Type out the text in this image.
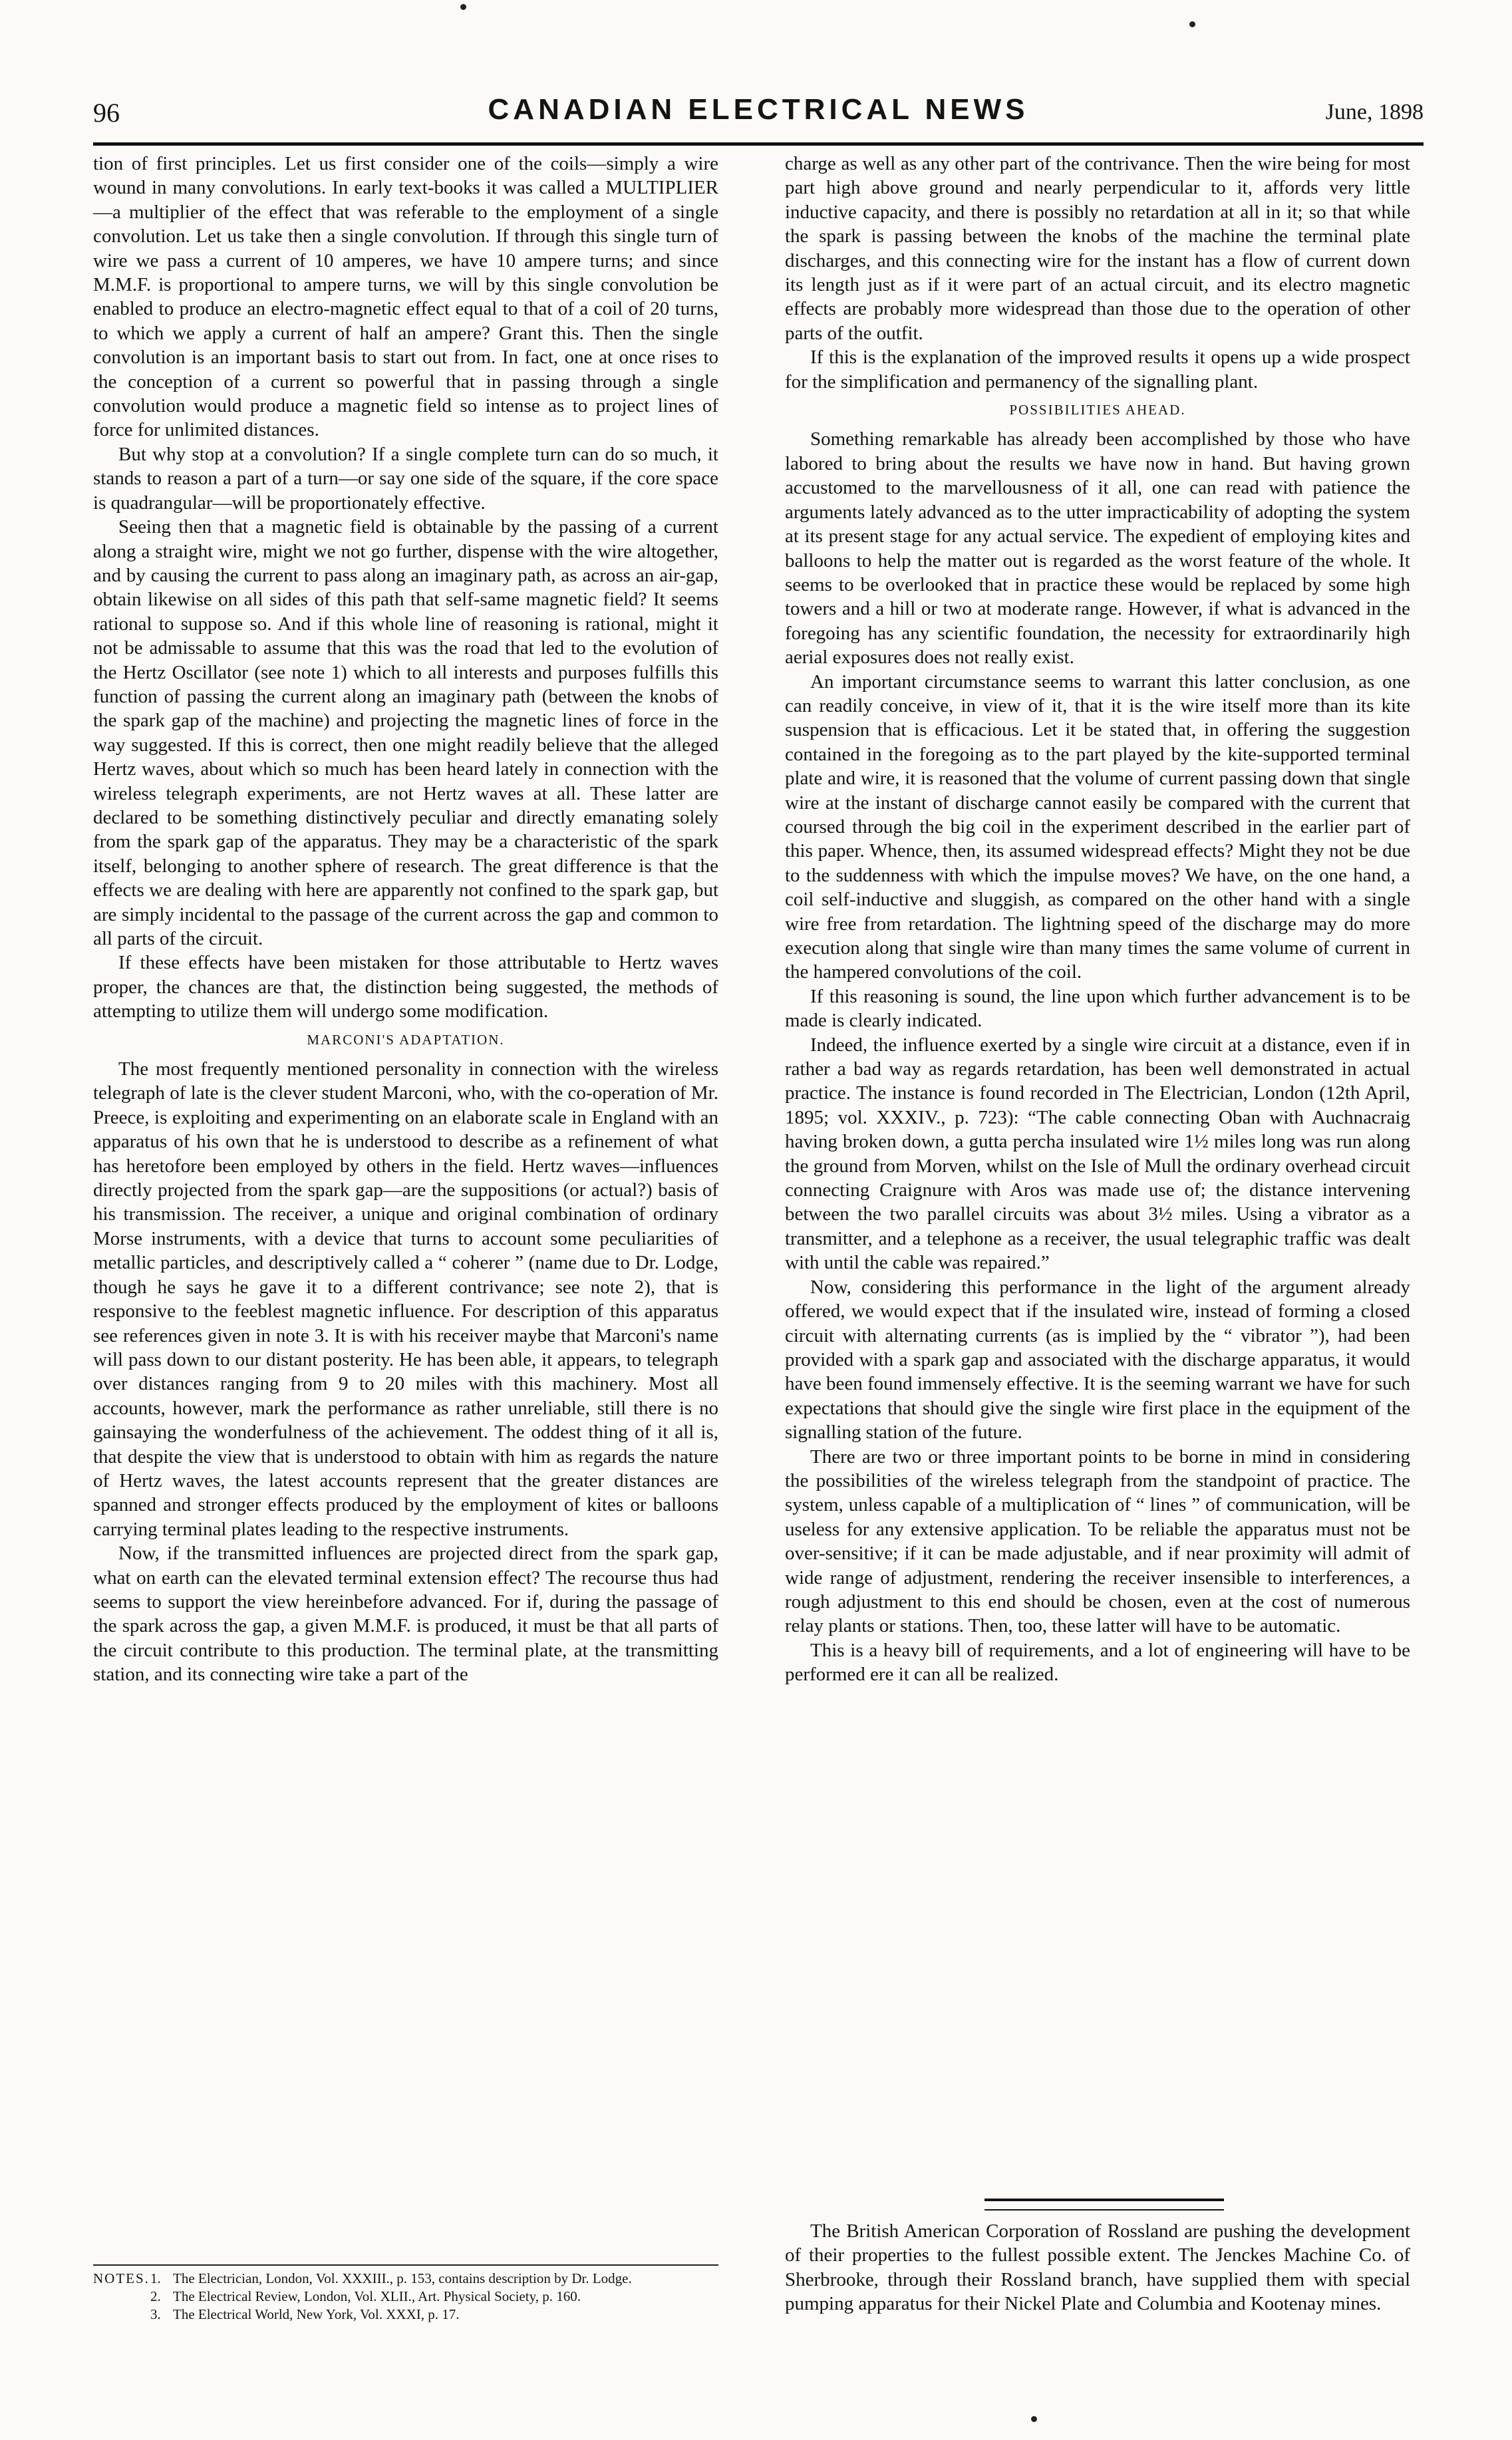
96	CANADIAN ELECTRICAL NEWS	June, 1898

tion of first principles. Let us first consider one of the coils—simply a wire wound in many convolutions. In early text-books it was called a MULTIPLIER—a multiplier of the effect that was referable to the employment of a single convolution. Let us take then a single convolution. If through this single turn of wire we pass a current of 10 amperes, we have 10 ampere turns; and since M.M.F. is proportional to ampere turns, we will by this single convolution be enabled to produce an electro-magnetic effect equal to that of a coil of 20 turns, to which we apply a current of half an ampere? Grant this. Then the single convolution is an important basis to start out from. In fact, one at once rises to the conception of a current so powerful that in passing through a single convolution would produce a magnetic field so intense as to project lines of force for unlimited distances.

But why stop at a convolution? If a single complete turn can do so much, it stands to reason a part of a turn—or say one side of the square, if the core space is quadrangular—will be proportionately effective.

Seeing then that a magnetic field is obtainable by the passing of a current along a straight wire, might we not go further, dispense with the wire altogether, and by causing the current to pass along an imaginary path, as across an air-gap, obtain likewise on all sides of this path that self-same magnetic field? It seems rational to suppose so. And if this whole line of reasoning is rational, might it not be admissable to assume that this was the road that led to the evolution of the Hertz Oscillator (see note 1) which to all interests and purposes fulfills this function of passing the current along an imaginary path (between the knobs of the spark gap of the machine) and projecting the magnetic lines of force in the way suggested. If this is correct, then one might readily believe that the alleged Hertz waves, about which so much has been heard lately in connection with the wireless telegraph experiments, are not Hertz waves at all. These latter are declared to be something distinctively peculiar and directly emanating solely from the spark gap of the apparatus. They may be a characteristic of the spark itself, belonging to another sphere of research. The great difference is that the effects we are dealing with here are apparently not confined to the spark gap, but are simply incidental to the passage of the current across the gap and common to all parts of the circuit.

If these effects have been mistaken for those attributable to Hertz waves proper, the chances are that, the distinction being suggested, the methods of attempting to utilize them will undergo some modification.

MARCONI'S ADAPTATION.

The most frequently mentioned personality in connection with the wireless telegraph of late is the clever student Marconi, who, with the co-operation of Mr. Preece, is exploiting and experimenting on an elaborate scale in England with an apparatus of his own that he is understood to describe as a refinement of what has heretofore been employed by others in the field. Hertz waves—influences directly projected from the spark gap—are the suppositions (or actual?) basis of his transmission. The receiver, a unique and original combination of ordinary Morse instruments, with a device that turns to account some peculiarities of metallic particles, and descriptively called a “ coherer ” (name due to Dr. Lodge, though he says he gave it to a different contrivance; see note 2), that is responsive to the feeblest magnetic influence. For description of this apparatus see references given in note 3. It is with his receiver maybe that Marconi's name will pass down to our distant posterity. He has been able, it appears, to telegraph over distances ranging from 9 to 20 miles with this machinery. Most all accounts, however, mark the performance as rather unreliable, still there is no gainsaying the wonderfulness of the achievement. The oddest thing of it all is, that despite the view that is understood to obtain with him as regards the nature of Hertz waves, the latest accounts represent that the greater distances are spanned and stronger effects produced by the employment of kites or balloons carrying terminal plates leading to the respective instruments.

Now, if the transmitted influences are projected direct from the spark gap, what on earth can the elevated terminal extension effect? The recourse thus had seems to support the view hereinbefore advanced. For if, during the passage of the spark across the gap, a given M.M.F. is produced, it must be that all parts of the circuit contribute to this production. The terminal plate, at the transmitting station, and its connecting wire take a part of the

NOTES. 1. The Electrician, London, Vol. XXXIII., p. 153, contains description by Dr. Lodge.
2. The Electrical Review, London, Vol. XLII., Art. Physical Society, p. 160.
3. The Electrical World, New York, Vol. XXXI, p. 17.

charge as well as any other part of the contrivance. Then the wire being for most part high above ground and nearly perpendicular to it, affords very little inductive capacity, and there is possibly no retardation at all in it; so that while the spark is passing between the knobs of the machine the terminal plate discharges, and this connecting wire for the instant has a flow of current down its length just as if it were part of an actual circuit, and its electro magnetic effects are probably more widespread than those due to the operation of other parts of the outfit.

If this is the explanation of the improved results it opens up a wide prospect for the simplification and permanency of the signalling plant.

POSSIBILITIES AHEAD.

Something remarkable has already been accomplished by those who have labored to bring about the results we have now in hand. But having grown accustomed to the marvellousness of it all, one can read with patience the arguments lately advanced as to the utter impracticability of adopting the system at its present stage for any actual service. The expedient of employing kites and balloons to help the matter out is regarded as the worst feature of the whole. It seems to be overlooked that in practice these would be replaced by some high towers and a hill or two at moderate range. However, if what is advanced in the foregoing has any scientific foundation, the necessity for extraordinarily high aerial exposures does not really exist.

An important circumstance seems to warrant this latter conclusion, as one can readily conceive, in view of it, that it is the wire itself more than its kite suspension that is efficacious. Let it be stated that, in offering the suggestion contained in the foregoing as to the part played by the kite-supported terminal plate and wire, it is reasoned that the volume of current passing down that single wire at the instant of discharge cannot easily be compared with the current that coursed through the big coil in the experiment described in the earlier part of this paper. Whence, then, its assumed widespread effects? Might they not be due to the suddenness with which the impulse moves? We have, on the one hand, a coil self-inductive and sluggish, as compared on the other hand with a single wire free from retardation. The lightning speed of the discharge may do more execution along that single wire than many times the same volume of current in the hampered convolutions of the coil.

If this reasoning is sound, the line upon which further advancement is to be made is clearly indicated.

Indeed, the influence exerted by a single wire circuit at a distance, even if in rather a bad way as regards retardation, has been well demonstrated in actual practice. The instance is found recorded in The Electrician, London (12th April, 1895; vol. XXXIV., p. 723): “The cable connecting Oban with Auchnacraig having broken down, a gutta percha insulated wire 1½ miles long was run along the ground from Morven, whilst on the Isle of Mull the ordinary overhead circuit connecting Craignure with Aros was made use of; the distance intervening between the two parallel circuits was about 3½ miles. Using a vibrator as a transmitter, and a telephone as a receiver, the usual telegraphic traffic was dealt with until the cable was repaired.”

Now, considering this performance in the light of the argument already offered, we would expect that if the insulated wire, instead of forming a closed circuit with alternating currents (as is implied by the “ vibrator ”), had been provided with a spark gap and associated with the discharge apparatus, it would have been found immensely effective. It is the seeming warrant we have for such expectations that should give the single wire first place in the equipment of the signalling station of the future.

There are two or three important points to be borne in mind in considering the possibilities of the wireless telegraph from the standpoint of practice. The system, unless capable of a multiplication of “ lines ” of communication, will be useless for any extensive application. To be reliable the apparatus must not be over-sensitive; if it can be made adjustable, and if near proximity will admit of wide range of adjustment, rendering the receiver insensible to interferences, a rough adjustment to this end should be chosen, even at the cost of numerous relay plants or stations. Then, too, these latter will have to be automatic.

This is a heavy bill of requirements, and a lot of engineering will have to be performed ere it can all be realized.

The British American Corporation of Rossland are pushing the development of their properties to the fullest possible extent. The Jenckes Machine Co. of Sherbrooke, through their Rossland branch, have supplied them with special pumping apparatus for their Nickel Plate and Columbia and Kootenay mines.
